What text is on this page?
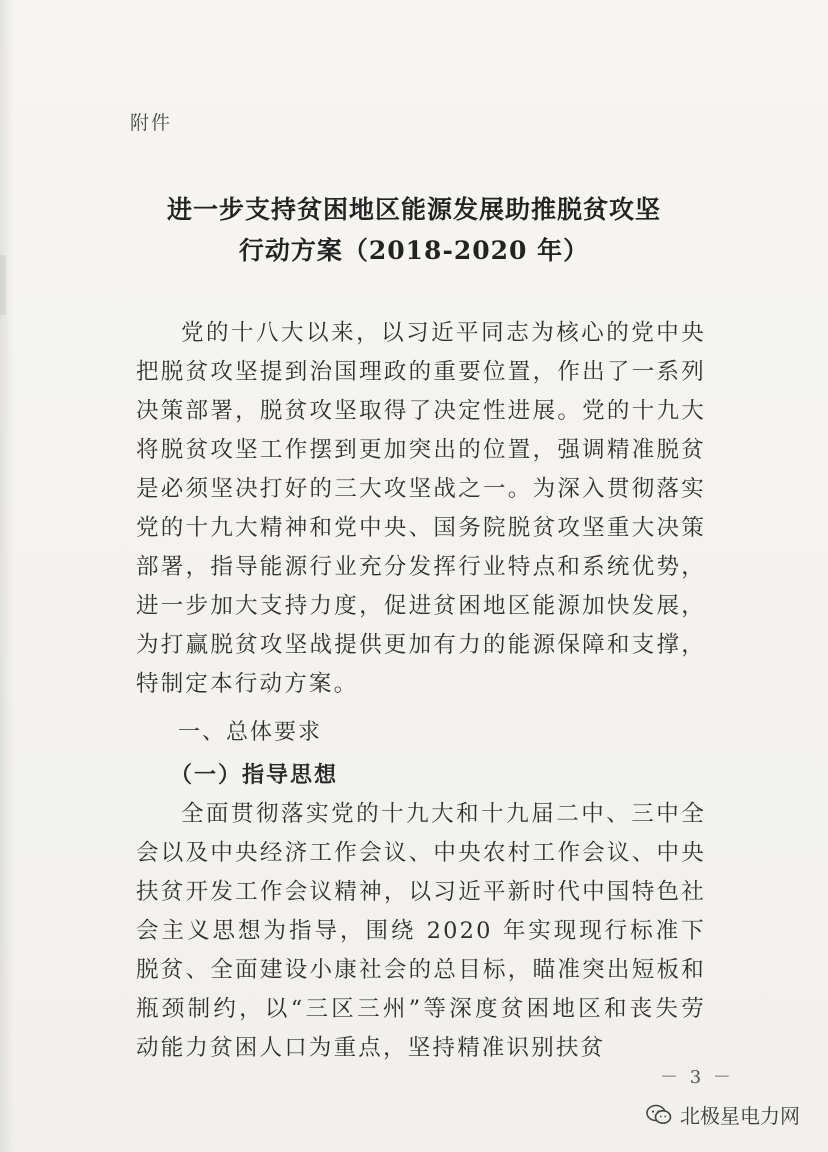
附件
进一步支持贫困地区能源发展助推脱贫攻坚
行动方案（2018-2020 年）
党的十八大以来，以习近平同志为核心的党中央把脱贫攻坚提到治国理政的重要位置，作出了一系列决策部署，脱贫攻坚取得了决定性进展。党的十九大将脱贫攻坚工作摆到更加突出的位置，强调精准脱贫是必须坚决打好的三大攻坚战之一。为深入贯彻落实党的十九大精神和党中央、国务院脱贫攻坚重大决策部署，指导能源行业充分发挥行业特点和系统优势，进一步加大支持力度，促进贫困地区能源加快发展，为打赢脱贫攻坚战提供更加有力的能源保障和支撑，特制定本行动方案。
一、总体要求
（一）指导思想
全面贯彻落实党的十九大和十九届二中、三中全会以及中央经济工作会议、中央农村工作会议、中央扶贫开发工作会议精神，以习近平新时代中国特色社会主义思想为指导，围绕 2020 年实现现行标准下脱贫、全面建设小康社会的总目标，瞄准突出短板和瓶颈制约，以“三区三州”等深度贫困地区和丧失劳动能力贫困人口为重点，坚持精准识别扶贫
－ 3 －
北极星电力网
